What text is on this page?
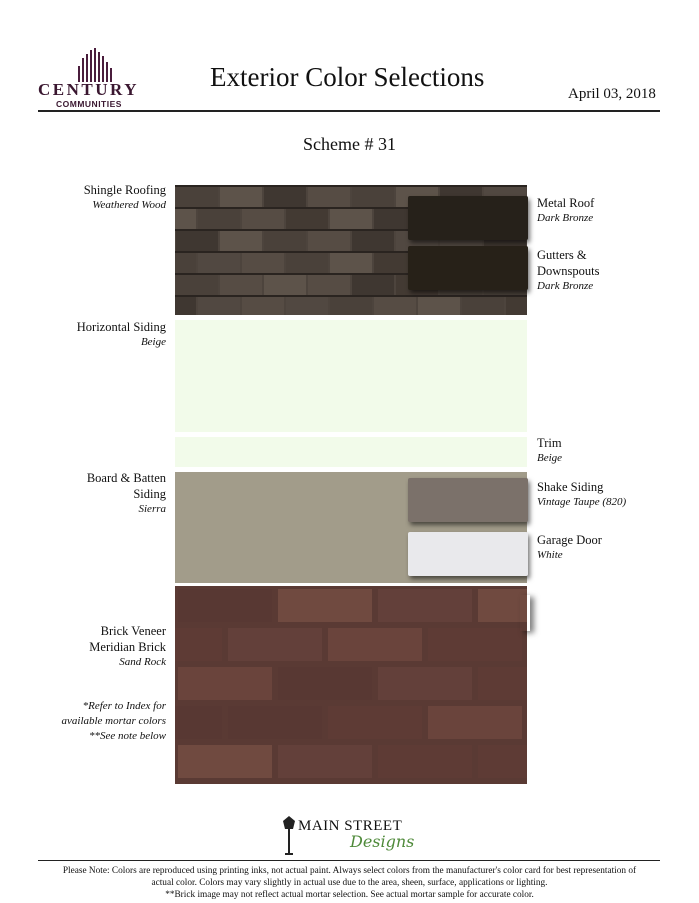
CENTURY
COMMUNITIES
Exterior Color Selections
April 03, 2018
Scheme # 31
Shingle Roofing
Weathered Wood
Horizontal Siding
Beige
Board & Batten
Siding
Sierra
Brick Veneer
Meridian Brick
Sand Rock
*Refer to Index for
available mortar colors
**See note below
Metal Roof
Dark Bronze
Gutters &
Downspouts
Dark Bronze
Trim
Beige
Shake Siding
Vintage Taupe (820)
Garage Door
White
MAIN STREET
Designs

Please Note: Colors are reproduced using printing inks, not actual paint. Always select colors from the manufacturer's color card for best representation of

actual color. Colors may vary slightly in actual use due to the area, sheen, surface, applications or lighting.

**Brick image may not reflect actual mortar selection. See actual mortar sample for accurate color.
